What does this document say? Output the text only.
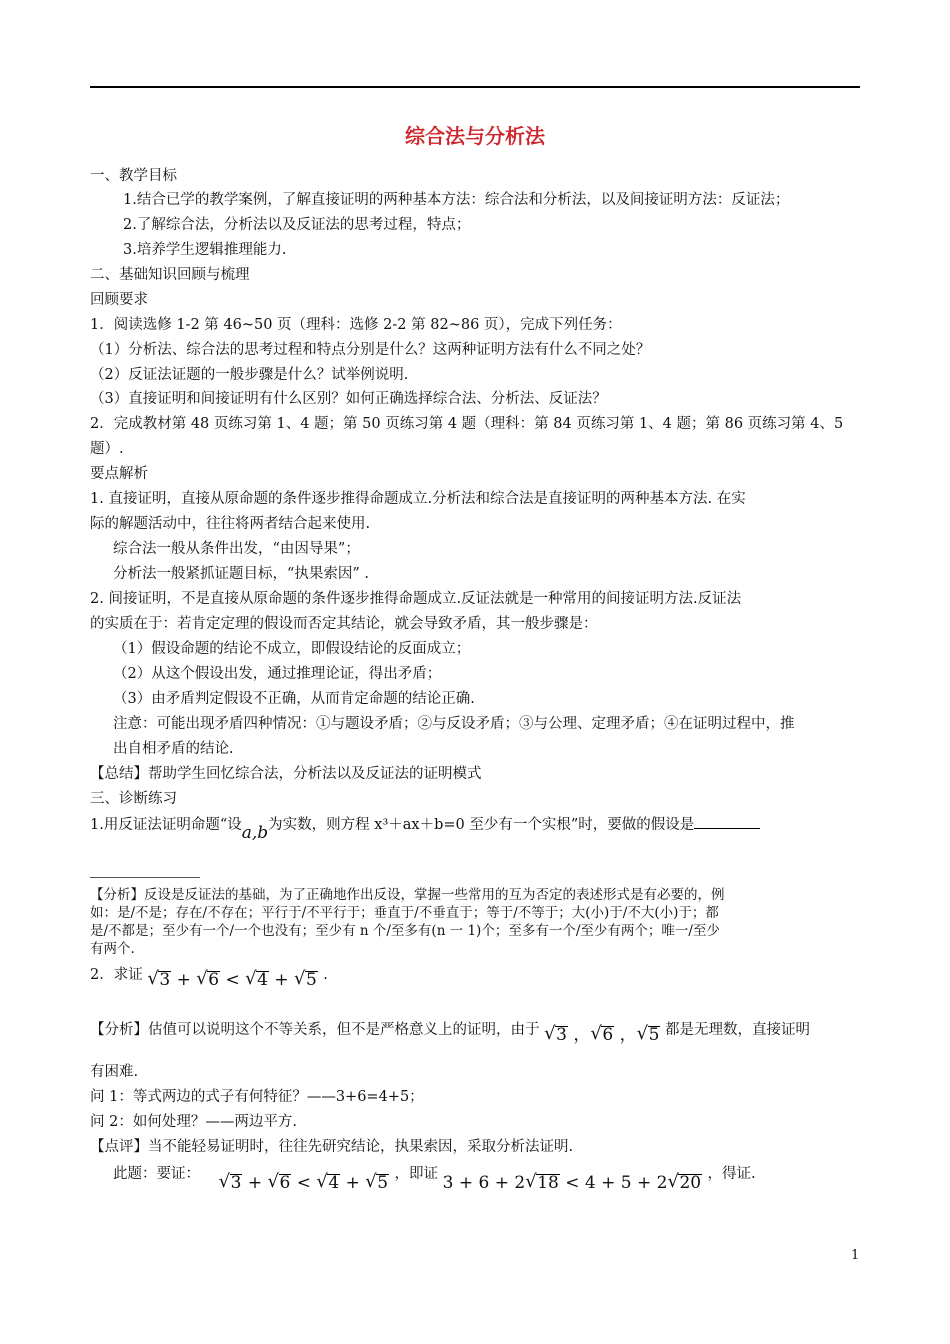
综合法与分析法
一、教学目标
1.结合已学的教学案例，了解直接证明的两种基本方法：综合法和分析法，以及间接证明方法：反证法；
2.了解综合法，分析法以及反证法的思考过程，特点；
3.培养学生逻辑推理能力.
二、基础知识回顾与梳理
回顾要求
1．阅读选修 1-2 第 46~50 页（理科：选修 2-2 第 82~86 页），完成下列任务：
（1）分析法、综合法的思考过程和特点分别是什么？这两种证明方法有什么不同之处？
（2）反证法证题的一般步骤是什么？试举例说明.
（3）直接证明和间接证明有什么区别？如何正确选择综合法、分析法、反证法？
2．完成教材第 48 页练习第 1、4 题；第 50 页练习第 4 题（理科：第 84 页练习第 1、4 题；第 86 页练习第 4、5
题）.
要点解析
1. 直接证明，直接从原命题的条件逐步推得命题成立.分析法和综合法是直接证明的两种基本方法. 在实
际的解题活动中，往往将两者结合起来使用.
综合法一般从条件出发，“由因导果”；
分析法一般紧抓证题目标，“执果索因” .
2. 间接证明，不是直接从原命题的条件逐步推得命题成立.反证法就是一种常用的间接证明方法.反证法
的实质在于：若肯定定理的假设而否定其结论，就会导致矛盾，其一般步骤是：
（1）假设命题的结论不成立，即假设结论的反面成立；
（2）从这个假设出发，通过推理论证，得出矛盾；
（3）由矛盾判定假设不正确，从而肯定命题的结论正确.
注意：可能出现矛盾四种情况：①与题设矛盾；②与反设矛盾；③与公理、定理矛盾；④在证明过程中，推
出自相矛盾的结论.
【总结】帮助学生回忆综合法，分析法以及反证法的证明模式
三、诊断练习
1.用反证法证明命题“设a,b为实数，则方程 x³＋ax＋b=0 至少有一个实根”时，要做的假设是
【分析】反设是反证法的基础，为了正确地作出反设，掌握一些常用的互为否定的表述形式是有必要的，例
如：是/不是；存在/不存在；平行于/不平行于；垂直于/不垂直于；等于/不等于；大(小)于/不大(小)于；都
是/不都是；至少有一个/一个也没有；至少有 n 个/至多有(n 一 1)个；至多有一个/至少有两个；唯一/至少
有两个.
2．求证 √ 3 + √ 6 < √ 4 + √ 5 .
【分析】估值可以说明这个不等关系，但不是严格意义上的证明，由于 √ 3 ， √ 6 ， √ 5 都是无理数，直接证明
有困难.
问 1：等式两边的式子有何特征？——3+6=4+5；
问 2：如何处理？——两边平方.
【点评】当不能轻易证明时，往往先研究结论，执果索因，采取分析法证明.
此题：要证： √ 3 + √ 6 < √ 4 + √ 5 ，即证 3 + 6 + 2 √ 18 < 4 + 5 + 2 √ 20 ，得证.
1
